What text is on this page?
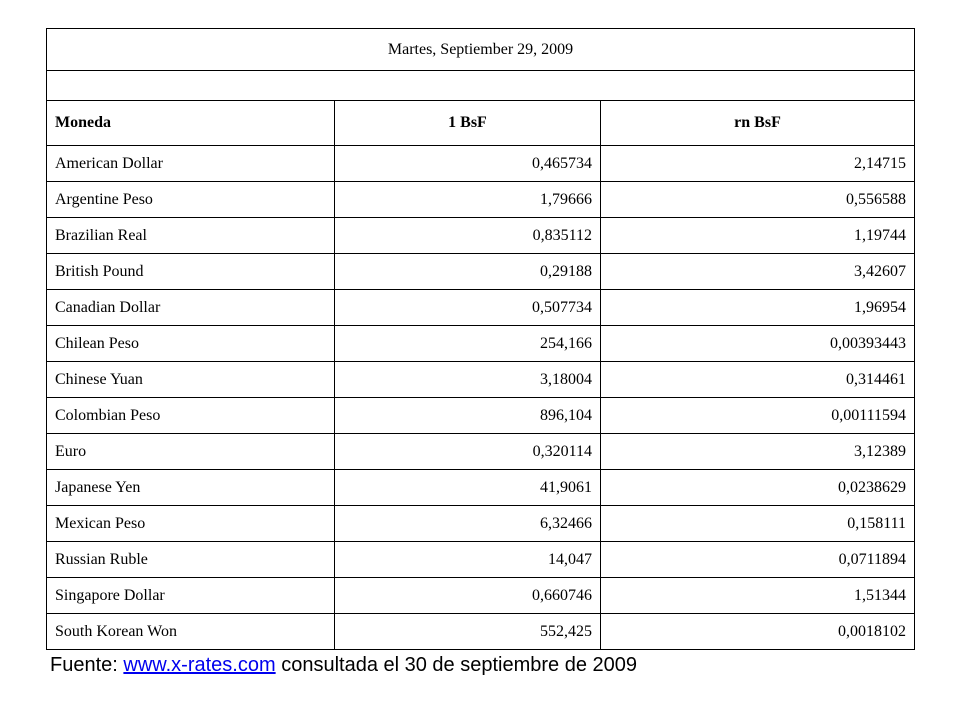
Martes, Septiember 29, 2009		

Moneda	1 BsF	rn BsF
American Dollar	0,465734	2,14715
Argentine Peso	1,79666	0,556588
Brazilian Real	0,835112	1,19744
British Pound	0,29188	3,42607
Canadian Dollar	0,507734	1,96954
Chilean Peso	254,166	0,00393443
Chinese Yuan	3,18004	0,314461
Colombian Peso	896,104	0,00111594
Euro	0,320114	3,12389
Japanese Yen	41,9061	0,0238629
Mexican Peso	6,32466	0,158111
Russian Ruble	14,047	0,0711894
Singapore Dollar	0,660746	1,51344
South Korean Won	552,425	0,0018102
Fuente: www.x-rates.com consultada el 30 de septiembre de 2009
